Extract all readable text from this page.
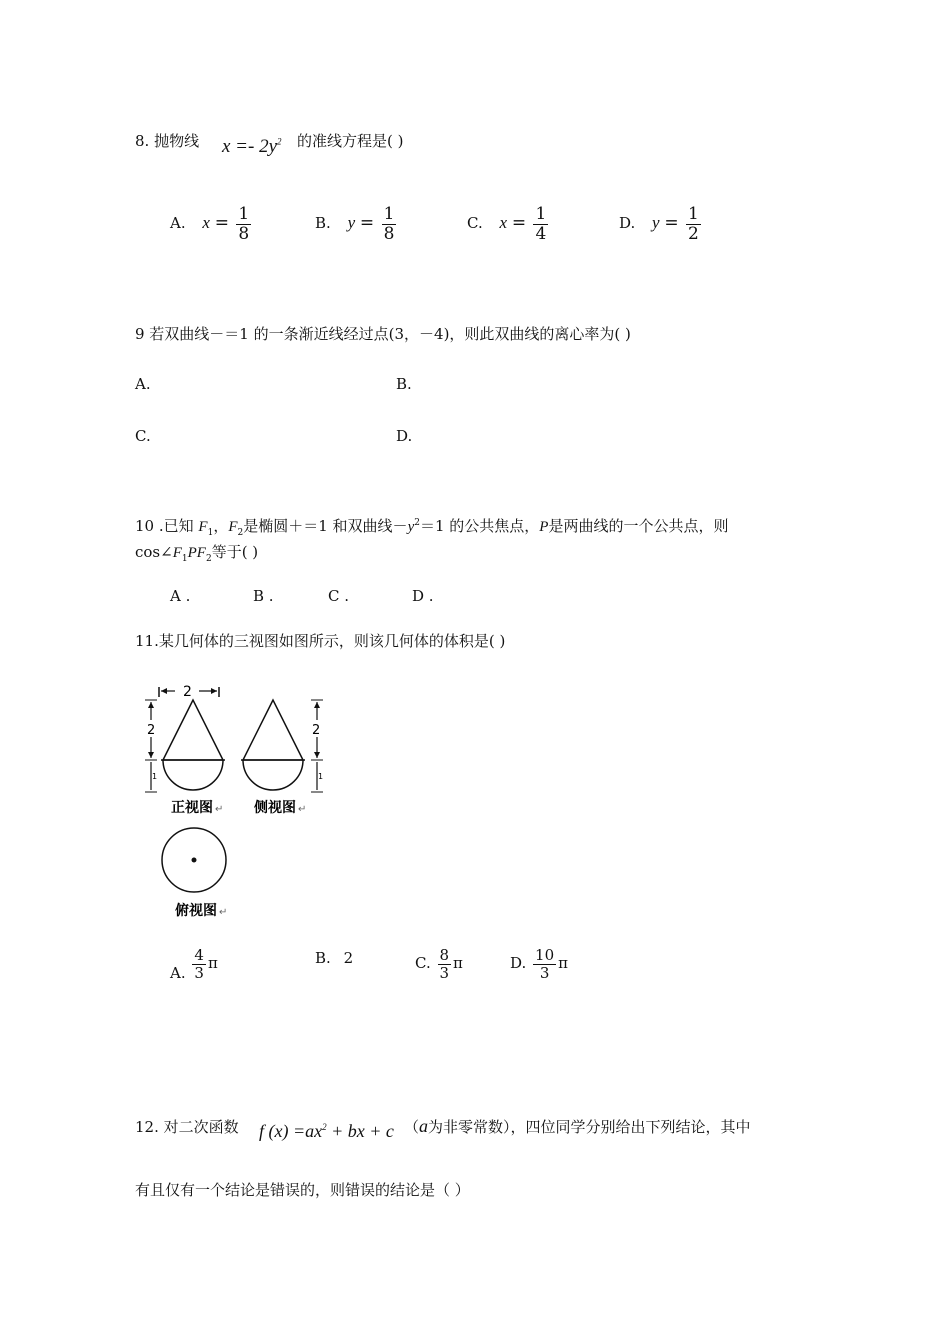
8. 抛物线 $x =- 2y^2$ 的准线方程是( )
A. $x = \frac{1}{8}$	B. $y = \frac{1}{8}$	C. $x = \frac{1}{4}$	D. $y = \frac{1}{2}$
9 若双曲线－＝1 的一条渐近线经过点(3，－4)，则此双曲线的离心率为( )
A.	B.
C.	D.
10 .已知 $F_1$，$F_2$是椭圆＋＝1 和双曲线$-y^2=1$ 的公共焦点，P是两曲线的一个公共点，则
$\cos\angle F_1PF_2$等于( )
A .	B .	C .	D .
11.某几何体的三视图如图所示，则该几何体的体积是( )
2
2
1
2
1
正视图 ↵ 侧视图 ↵
俯视图 ↵
A. $\frac{4}{3}$ π	B. 2	C. $\frac{8}{3}$ π	D. $\frac{10}{3}$ π
12. 对二次函数 f $(x) =ax^2$ + bx + c （a为非零常数），四位同学分别给出下列结论，其中
有且仅有一个结论是错误的，则错误的结论是（ ）
